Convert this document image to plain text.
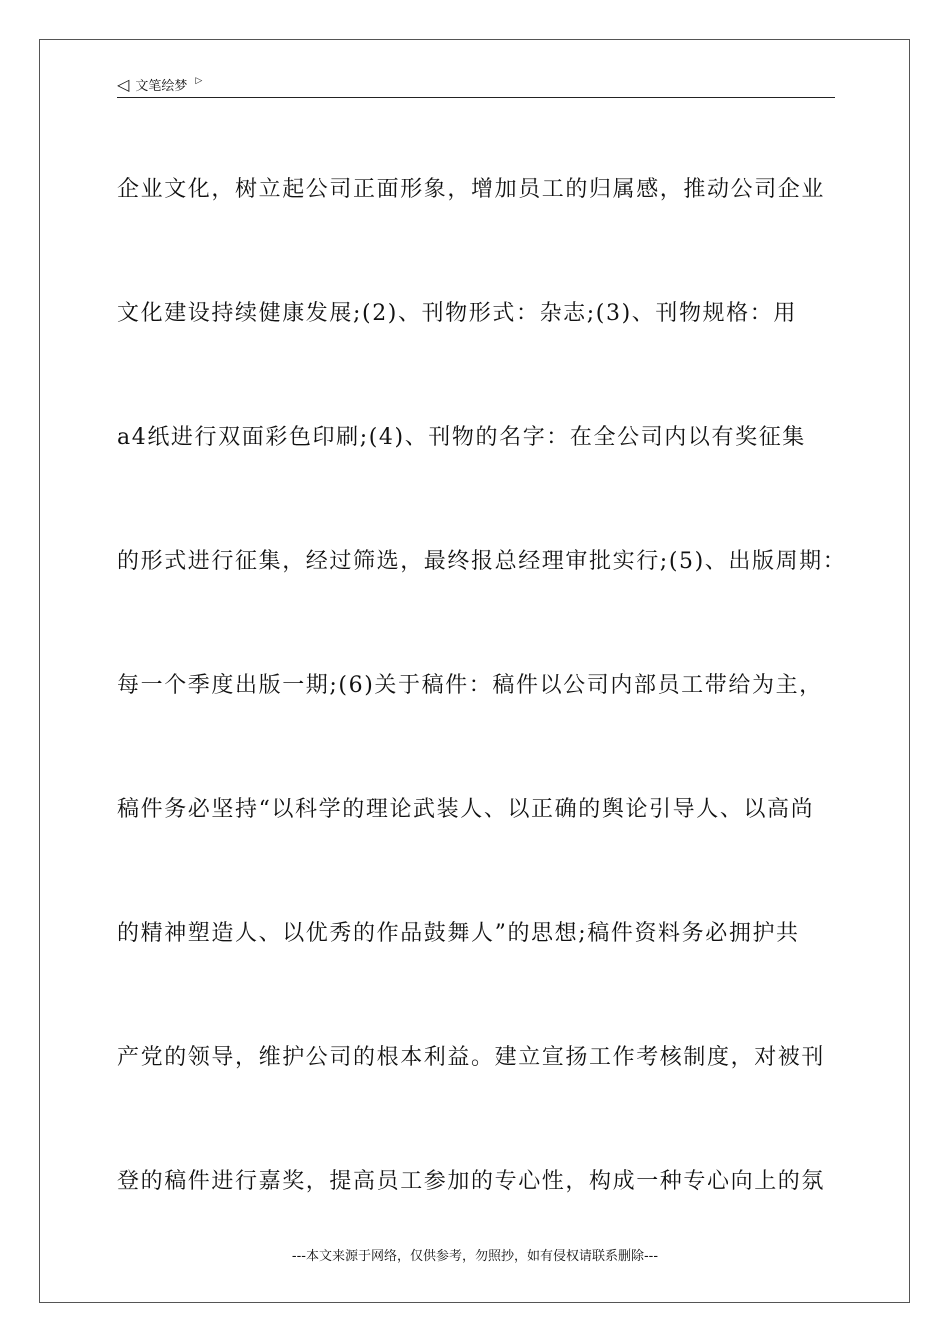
◁ 文笔绘梦 ▷
企业文化，树立起公司正面形象，增加员工的归属感，推动公司企业
文化建设持续健康发展;(2)、刊物形式：杂志;(3)、刊物规格：用
a4纸进行双面彩色印刷;(4)、刊物的名字：在全公司内以有奖征集
的形式进行征集，经过筛选，最终报总经理审批实行;(5)、出版周期：
每一个季度出版一期;(6)关于稿件：稿件以公司内部员工带给为主，
稿件务必坚持“以科学的理论武装人、以正确的舆论引导人、以高尚
的精神塑造人、以优秀的作品鼓舞人”的思想;稿件资料务必拥护共
产党的领导，维护公司的根本利益。建立宣扬工作考核制度，对被刊
登的稿件进行嘉奖，提高员工参加的专心性，构成一种专心向上的氛
---本文来源于网络，仅供参考，勿照抄，如有侵权请联系删除---
